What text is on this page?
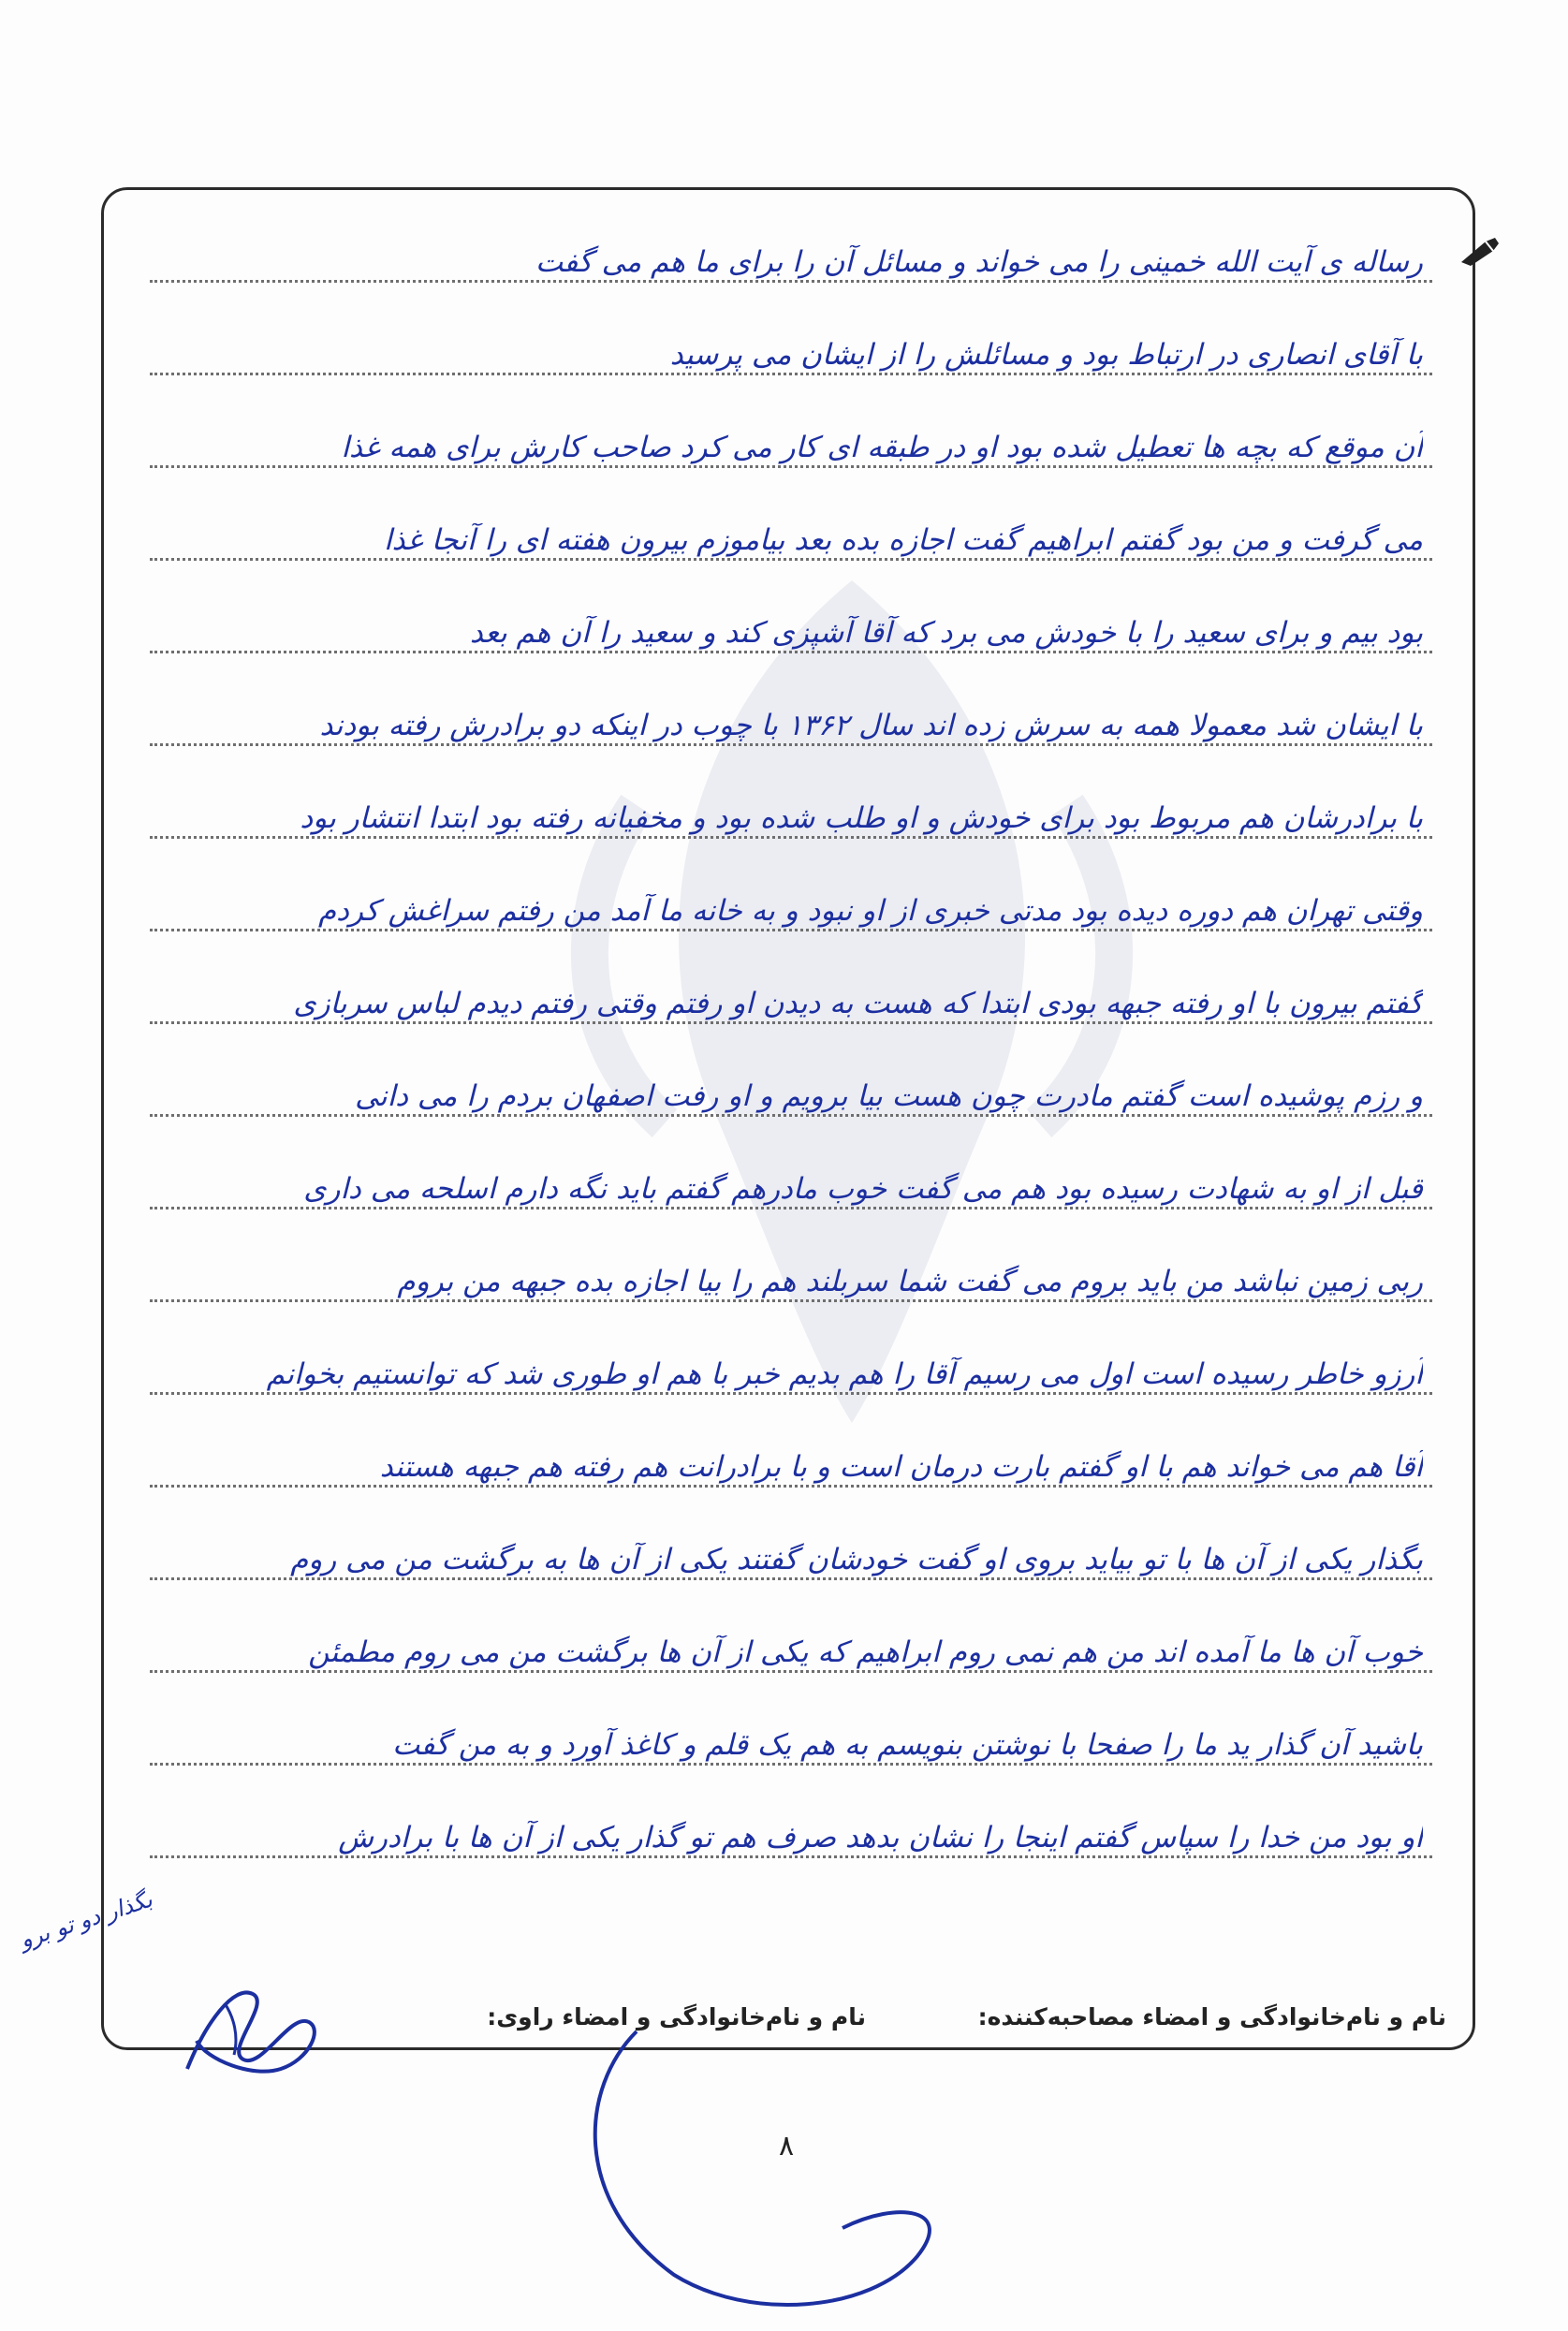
رساله ی آیت الله خمینی را می خواند و مسائل آن را برای ما هم می گفت
با آقای انصاری در ارتباط بود و مسائلش را از ایشان می پرسید
آن موقع که بچه ها تعطیل شده بود او در طبقه ای کار می کرد صاحب کارش برای همه غذا
می گرفت و من بود گفتم ابراهیم گفت اجازه بده بعد بیاموزم بیرون هفته ای را آنجا غذا
بود بیم و برای سعید را با خودش می برد که آقا آشپزی کند و سعید را آن هم بعد
با ایشان شد معمولا همه به سرش زده اند سال ۱۳۶۲ با چوب در اینکه دو برادرش رفته بودند
با برادرشان هم مربوط بود برای خودش و او طلب شده بود و مخفیانه رفته بود ابتدا انتشار بود
وقتی تهران هم دوره دیده بود مدتی خبری از او نبود و به خانه ما آمد من رفتم سراغش کردم
گفتم بیرون با او رفته جبهه بودی ابتدا که هست به دیدن او رفتم وقتی رفتم دیدم لباس سربازی
و رزم پوشیده است گفتم مادرت چون هست بیا برویم و او رفت اصفهان بردم را می دانی
قبل از او به شهادت رسیده بود هم می گفت خوب مادرهم گفتم باید نگه دارم اسلحه می داری
ربی زمین نباشد من باید بروم می گفت شما سربلند هم را بیا اجازه بده جبهه من بروم
آرزو خاطر رسیده است اول می رسیم آقا را هم بدیم خبر با هم او طوری شد که توانستیم بخوانم
آقا هم می خواند هم با او گفتم بارت درمان است و با برادرانت هم رفته هم جبهه هستند
بگذار یکی از آن ها با تو بیاید بروی او گفت خودشان گفتند یکی از آن ها به برگشت من می روم
خوب آن ها ما آمده اند من هم نمی روم ابراهیم که یکی از آن ها برگشت من می روم مطمئن
باشید آن گذار ید ما را صفحا با نوشتن بنویسم به هم یک قلم و کاغذ آورد و به من گفت
او بود من خدا را سپاس گفتم اینجا را نشان بدهد صرف هم تو گذار یکی از آن ها با برادرش
نام و نام‌خانوادگی و امضاء مصاحبه‌کننده:
نام و نام‌خانوادگی و امضاء راوی:
۸
بگذار دو تو برو
